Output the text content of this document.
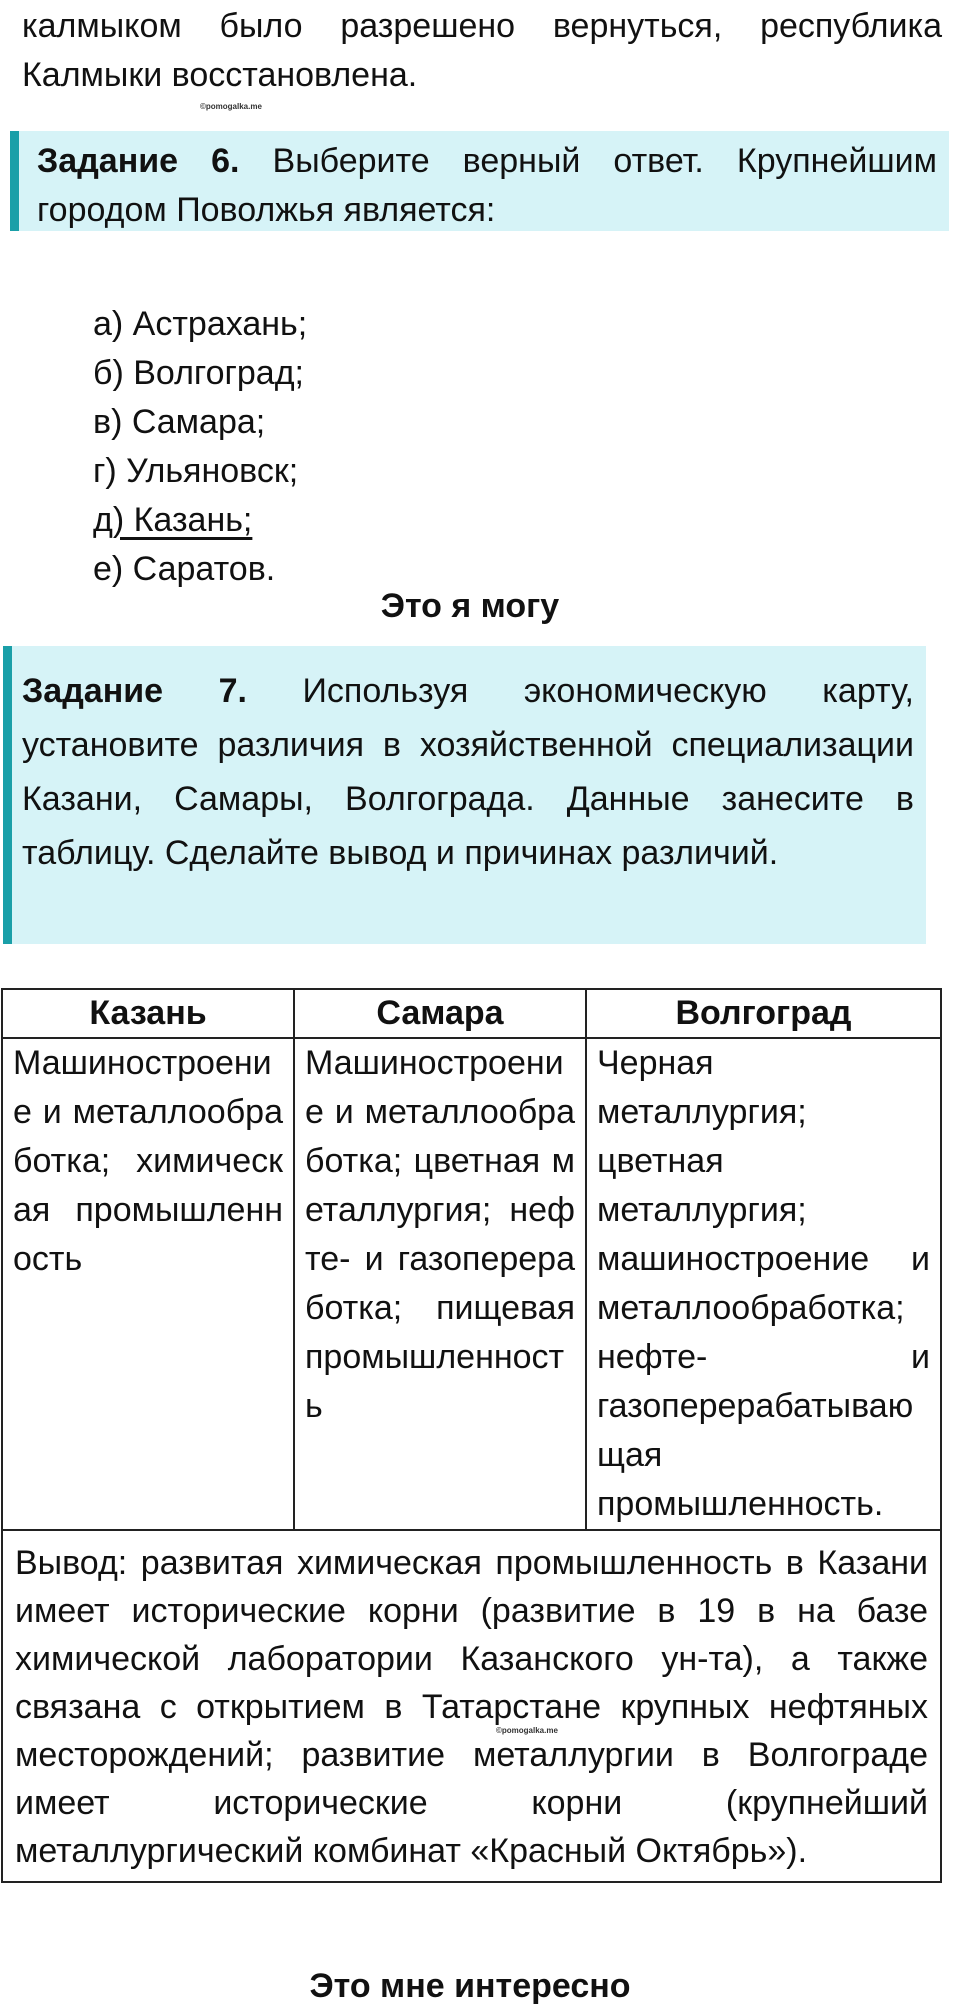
калмыком было разрешено вернуться, республика Калмыки восстановлена.
©pomogalka.me
Задание 6. Выберите верный ответ. Крупнейшим городом Поволжья является:
а) Астрахань;
б) Волгоград;
в) Самара;
г) Ульяновск;
д) Казань;
е) Саратов.
Это я могу
Задание 7. Используя экономическую карту, установите различия в хозяйственной специализации Казани, Самары, Волгограда. Данные занесите в таблицу. Сделайте вывод и причинах различий.
Казань	Самара	Волгоград
Машиностроение и металлообработка; химическая промышленность	Машиностроение и металлообработка; цветная металлургия; нефте- и газопереработка; пищевая промышленность	Черная металлургия; цветная металлургия; машиностроение и металлообработка; нефте- и газоперерабатывающая промышленность.
Вывод: развитая химическая промышленность в Казани имеет исторические корни (развитие в 19 в на базе химической лаборатории Казанского ун-та), а также связана с открытием в Татарстане крупных нефтяных месторождений; развитие металлургии в Волгограде имеет исторические корни (крупнейший металлургический комбинат «Красный Октябрь»).		
©pomogalka.me
Это мне интересно
